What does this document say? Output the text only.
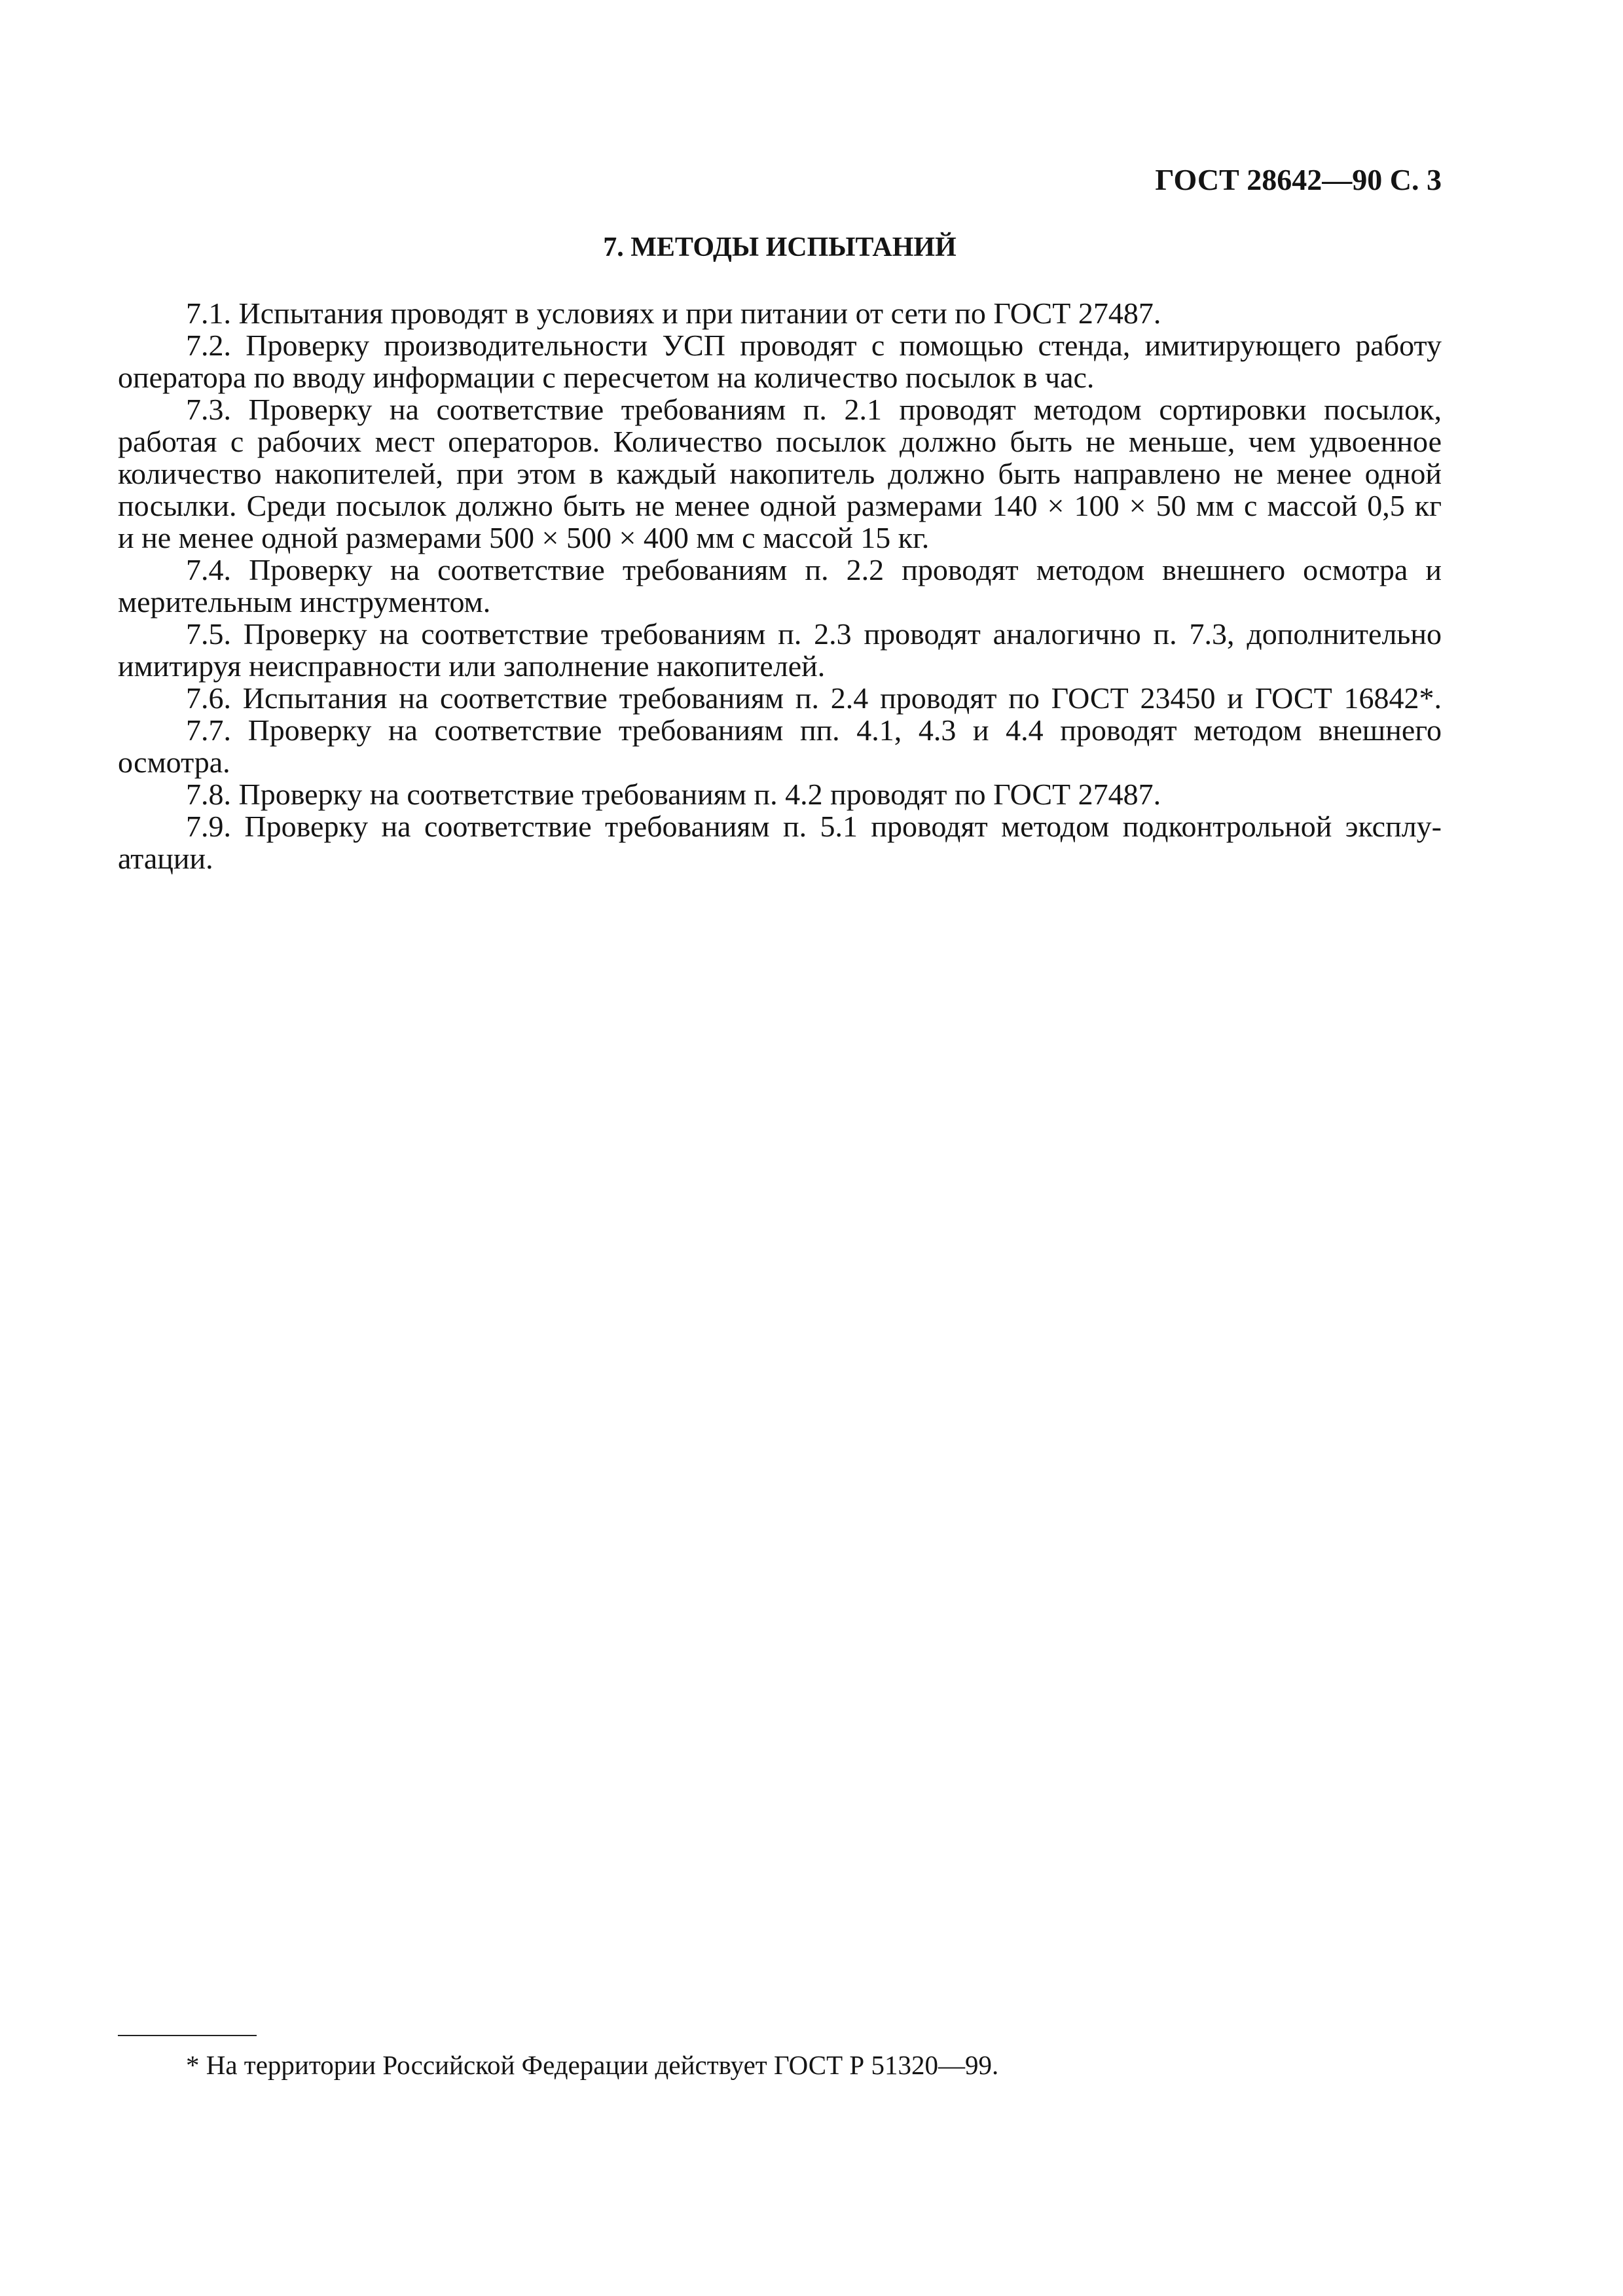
ГОСТ 28642—90 С. 3
7. МЕТОДЫ ИСПЫТАНИЙ
7.1. Испытания проводят в условиях и при питании от сети по ГОСТ 27487.
7.2. Проверку производительности УСП проводят с помощью стенда, имитирующего работу
оператора по вводу информации с пересчетом на количество посылок в час.
7.3. Проверку на соответствие требованиям п. 2.1 проводят методом сортировки посылок,
работая с рабочих мест операторов. Количество посылок должно быть не меньше, чем удвоенное
количество накопителей, при этом в каждый накопитель должно быть направлено не менее одной
посылки. Среди посылок должно быть не менее одной размерами 140 × 100 × 50 мм с массой 0,5 кг
и не менее одной размерами 500 × 500 × 400 мм с массой 15 кг.
7.4. Проверку на соответствие требованиям п. 2.2 проводят методом внешнего осмотра и
мерительным инструментом.
7.5. Проверку на соответствие требованиям п. 2.3 проводят аналогично п. 7.3, дополнительно
имитируя неисправности или заполнение накопителей.
7.6. Испытания на соответствие требованиям п. 2.4 проводят по ГОСТ 23450 и ГОСТ 16842*.
7.7. Проверку на соответствие требованиям пп. 4.1, 4.3 и 4.4 проводят методом внешнего
осмотра.
7.8. Проверку на соответствие требованиям п. 4.2 проводят по ГОСТ 27487.
7.9. Проверку на соответствие требованиям п. 5.1 проводят методом подконтрольной эксплу-
атации.
* На территории Российской Федерации действует ГОСТ Р 51320—99.
